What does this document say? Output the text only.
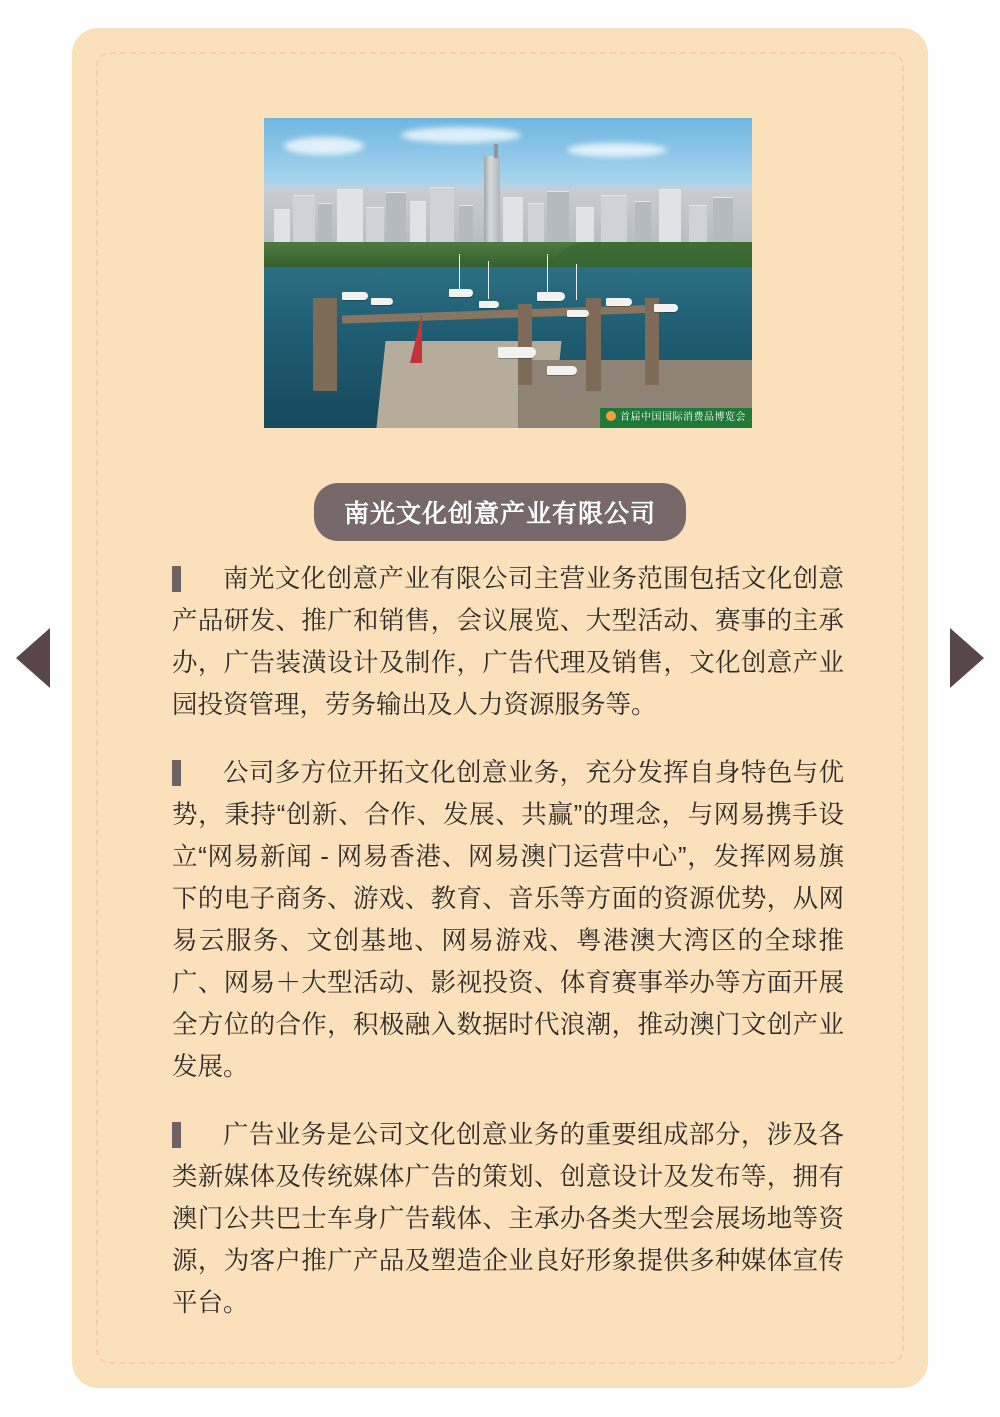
首届中国国际消费品博览会
南光文化创意产业有限公司
南光文化创意产业有限公司主营业务范围包括文化创意产品研发、推广和销售，会议展览、大型活动、赛事的主承办，广告装潢设计及制作，广告代理及销售，文化创意产业园投资管理，劳务输出及人力资源服务等。
公司多方位开拓文化创意业务，充分发挥自身特色与优势，秉持“创新、合作、发展、共赢”的理念，与网易携手设立“网易新闻 - 网易香港、网易澳门运营中心”，发挥网易旗下的电子商务、游戏、教育、音乐等方面的资源优势，从网易云服务、文创基地、网易游戏、粤港澳大湾区的全球推广、网易＋大型活动、影视投资、体育赛事举办等方面开展全方位的合作，积极融入数据时代浪潮，推动澳门文创产业发展。
广告业务是公司文化创意业务的重要组成部分，涉及各类新媒体及传统媒体广告的策划、创意设计及发布等，拥有澳门公共巴士车身广告载体、主承办各类大型会展场地等资源，为客户推广产品及塑造企业良好形象提供多种媒体宣传平台。
